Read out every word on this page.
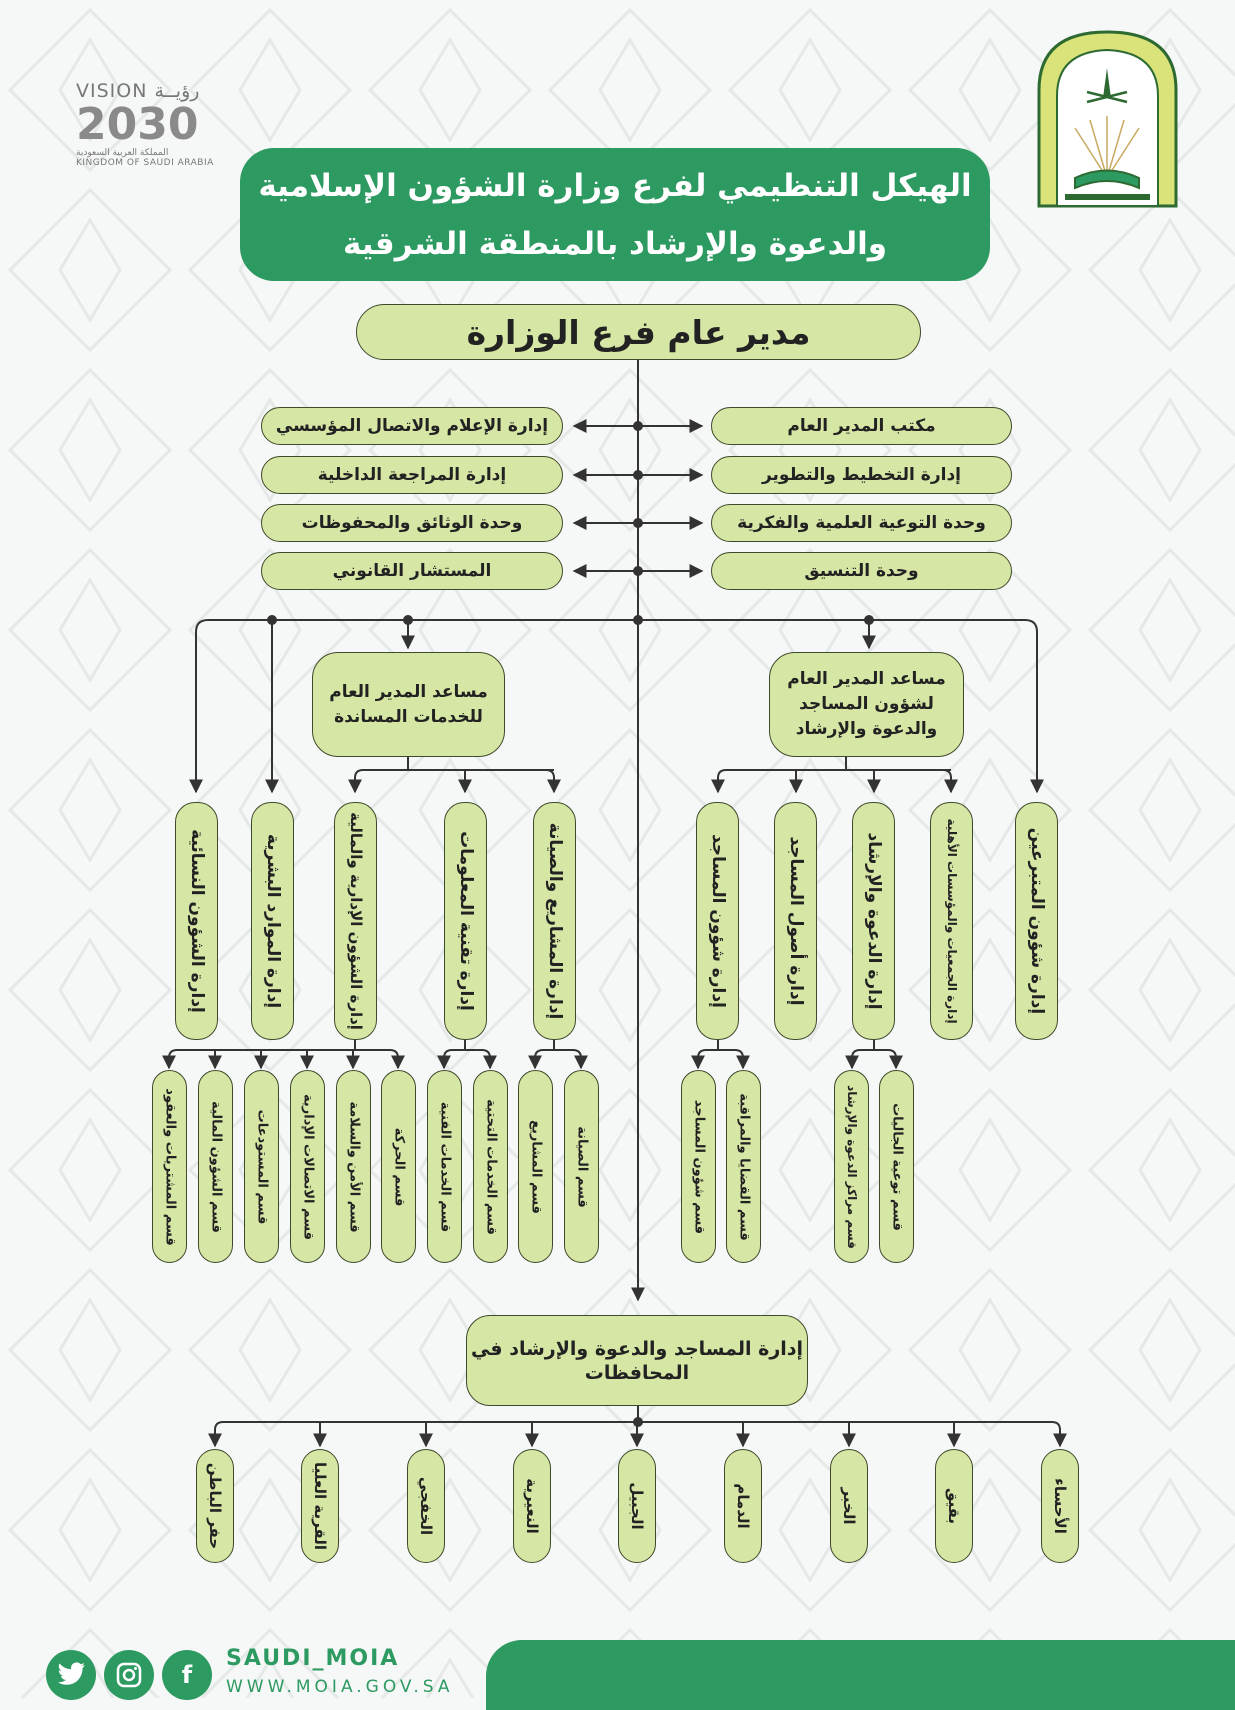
VISION رؤيــة
2030
المملكة العربية السعودية
KINGDOM OF SAUDI ARABIA
الهيكل التنظيمي لفرع وزارة الشؤون الإسلامية
والدعوة والإرشاد بالمنطقة الشرقية
مدير عام فرع الوزارة
مكتب المدير العام
إدارة التخطيط والتطوير
وحدة التوعية العلمية والفكرية
وحدة التنسيق
إدارة الإعلام والاتصال المؤسسي
إدارة المراجعة الداخلية
وحدة الوثائق والمحفوظات
المستشار القانوني
مساعد المدير العام للخدمات المساندة
مساعد المدير العام لشؤون المساجد والدعوة والإرشاد
إدارة الشؤون النسائية	إدارة الموارد البشرية	إدارة الشؤون الإدارية والمالية	إدارة تقنية المعلومات	إدارة المشاريع والصيانة	إدارة شؤون المساجد	إدارة أصول المساجد	إدارة الدعوة والإرشاد	إدارة الجمعيات والمؤسسات الأهلية	إدارة شؤون المتبرعين
قسم المشتريات والعقود قسم الشؤون المالية قسم المستودعات قسم الاتصالات الإدارية قسم الأمن والسلامة قسم الحركة قسم الخدمات الفنية قسم الخدمات التحتية قسم المشاريع قسم الصيانة	قسم شؤون المساجد قسم القضايا والمراقبة	قسم مراكز الدعوة والإرشاد قسم توعية الجاليات
إدارة المساجد والدعوة والإرشاد في المحافظات
حفر الباطن	القرية العليا	الخفجي	النعيرية	الجبيل	الدمام	الخبر	بقيق	الأحساء
f
SAUDI_MOIA
WWW.MOIA.GOV.SA
